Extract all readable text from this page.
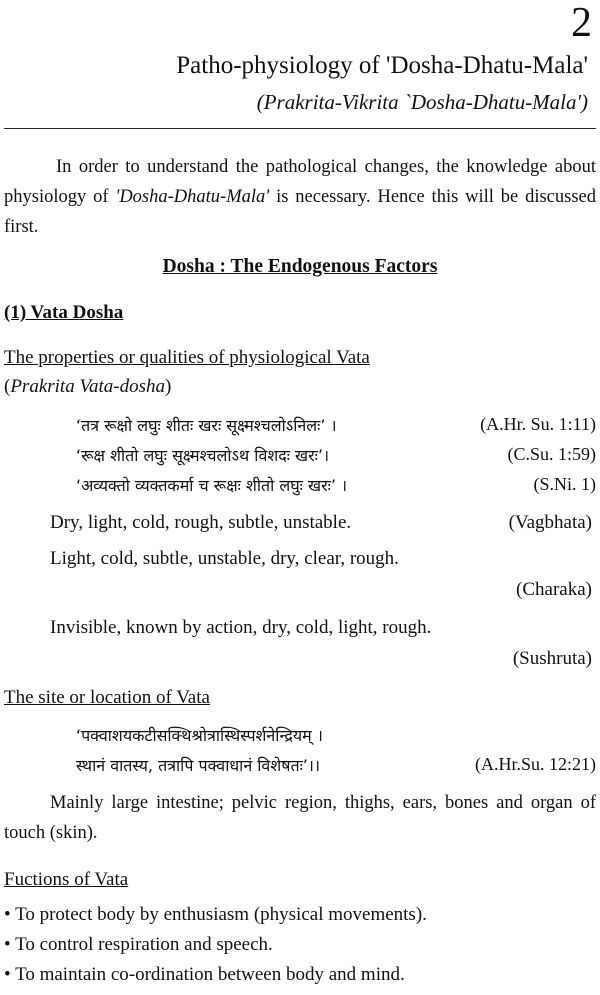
2
Patho-physiology of 'Dosha-Dhatu-Mala'
(Prakrita-Vikrita `Dosha-Dhatu-Mala')
In order to understand the pathological changes, the knowledge about physiology of 'Dosha-Dhatu-Mala' is necessary. Hence this will be discussed first.
Dosha : The Endogenous Factors
(1) Vata Dosha
The properties or qualities of physiological Vata
(Prakrita Vata-dosha)
‘तत्र रूक्षो लघुः शीतः खरः सूक्ष्मश्चलोऽनिलः’ ।	(A.Hr. Su. 1:11)
‘रूक्ष शीतो लघुः सूक्ष्मश्चलोऽथ विशदः खरः’।	(C.Su. 1:59)
‘अव्यक्तो व्यक्तकर्मा च रूक्षः शीतो लघुः खरः’ ।	(S.Ni. 1)
Dry, light, cold, rough, subtle, unstable.	(Vagbhata)
Light, cold, subtle, unstable, dry, clear, rough.
(Charaka)
Invisible, known by action, dry, cold, light, rough.
(Sushruta)
The site or location of Vata
‘पक्वाशयकटीसक्थिश्रोत्रास्थिस्पर्शनेन्द्रियम् ।
स्थानं वातस्य, तत्रापि पक्वाधानं विशेषतः’।।	(A.Hr.Su. 12:21)
Mainly large intestine; pelvic region, thighs, ears, bones and organ of touch (skin).
Fuctions of Vata
• To protect body by enthusiasm (physical movements).
• To control respiration and speech.
• To maintain co-ordination between body and mind.
